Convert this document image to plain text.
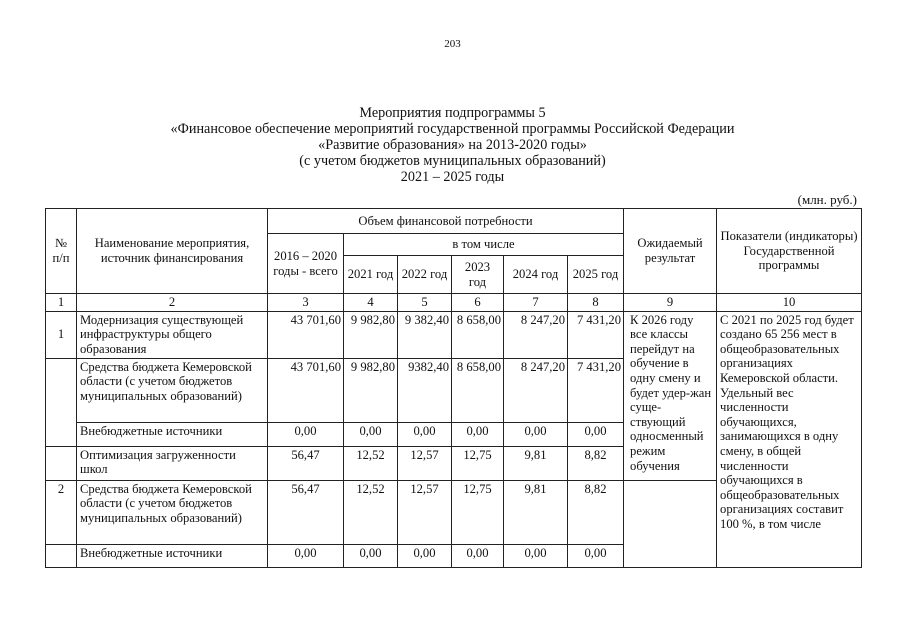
203
Мероприятия подпрограммы 5
«Финансовое обеспечение мероприятий государственной программы Российской Федерации
«Развитие образования» на 2013-2020 годы»
(с учетом бюджетов муниципальных образований)
2021 – 2025 годы
(млн. руб.)
№ п/п	Наименование мероприятия, источник финансирования	Объем финансовой потребности						Ожидаемый результат	Показатели (индикаторы) Государственной программы
		2016 – 2020 годы - всего	в том числе						
			2021 год	2022 год	2023 год	2024 год	2025 год		
1	2	3	4	5	6	7	8	9	10
1	Модернизация существующей инфраструктуры общего образования	43 701,60	9 982,80	9 382,40	8 658,00	8 247,20	7 431,20	К 2026 году все классы перейдут на обучение в одну смену и будет удер-жан суще-ствующий односменный режим обучения	С 2021 по 2025 год будет создано 65 256 мест в общеобразовательных организациях Кемеровской области. Удельный вес численности обучающихся, занимающихся в одну смену, в общей численности обучающихся в общеобразовательных организациях составит 100 %, в том числе
	Средства бюджета Кемеровской области (с учетом бюджетов муниципальных образований)	43 701,60	9 982,80	9382,40	8 658,00	8 247,20	7 431,20		
	Внебюджетные источники	0,00	0,00	0,00	0,00	0,00	0,00		
	Оптимизация загруженности школ	56,47	12,52	12,57	12,75	9,81	8,82		
2	Средства бюджета Кемеровской области (с учетом бюджетов муниципальных образований)	56,47	12,52	12,57	12,75	9,81	8,82		
	Внебюджетные источники	0,00	0,00	0,00	0,00	0,00	0,00		
